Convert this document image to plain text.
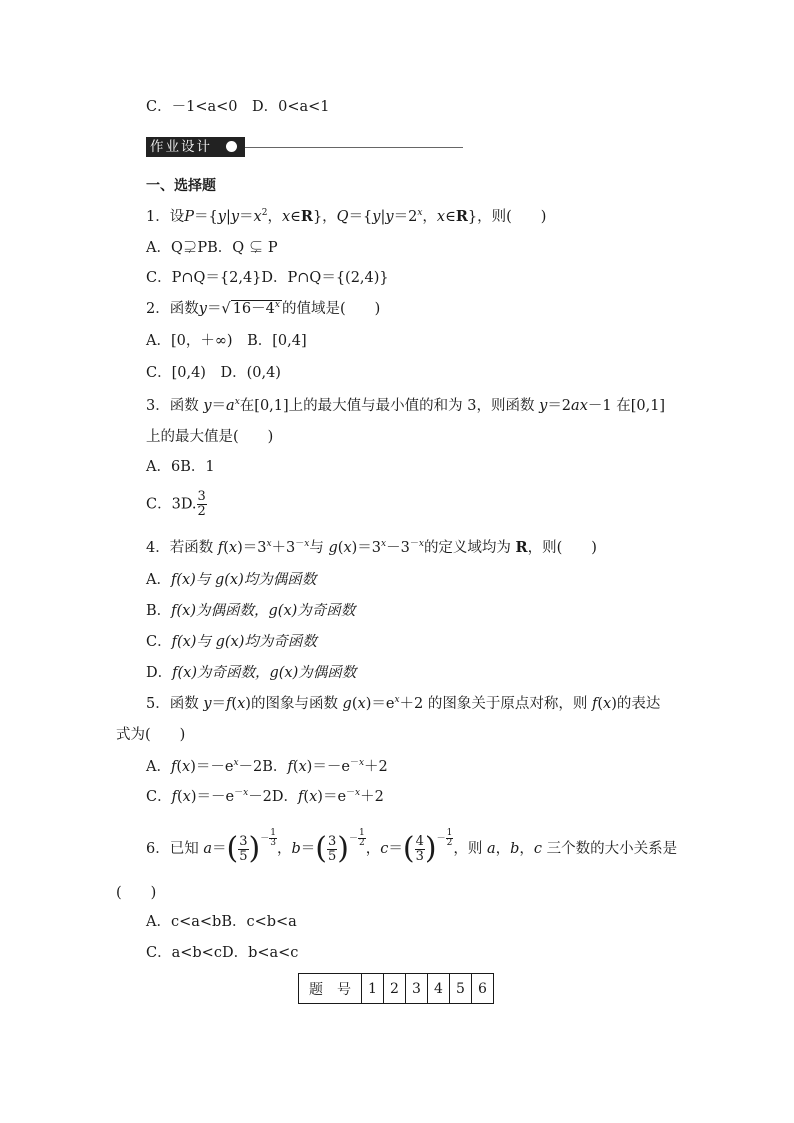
C．－1<a<0　D．0<a<1
作业设计
一、选择题
1．设$P=\{y|y=x^2$，x∈R}，$Q=\{y|y=2^x$，x∈R}，则(　　)
A．Q⊋PB．Q ⊊ P
C．P∩Q＝{2,4}D．P∩Q＝{(2,4)}
2．函数y＝√ $16-4^x$ 的值域是(　　)
A．[0，＋∞)　B．[0,4]
C．[0,4)　D．(0,4)
3．函数 $y=a^x$在[0,1]上的最大值与最小值的和为 3，则函数 y＝2ax－1 在[0,1]
上的最大值是(　　)
A．6B．1
C．3D. $\frac{3}{2}$
4．若函数 $f(x)=3^x+3^{-x}$与 $g(x)=3^x-3^{-x}$的定义域均为 R，则(　　)
A．f(x)与 g(x)均为偶函数
B．f(x)为偶函数，g(x)为奇函数
C．f(x)与 g(x)均为奇函数
D．f(x)为奇函数，g(x)为偶函数
5．函数 y＝f(x)的图象与函数 $g(x)=e^x+2$ 的图象关于原点对称，则 f(x)的表达
式为(　　)
A．$f(x)=-e^x-2B$．$f(x)=-e^{-x}+2$
C．$f(x)=-e^{-x}-2D$．$f(x)=e^{-x}+2$
6．已知 $a=( \frac{3}{5}$ )－ $\frac{1}{3}$
，$b=( \frac{3}{5}$ )－ $\frac{1}{2}$
，$c=( \frac{4}{3}$ )－ $\frac{1}{2}$
，则 a，b，c 三个数的大小关系是
(　　)
A．c<a<bB．c<b<a
C．a<b<cD．b<a<c
题　号	1	2	3	4	5	6
